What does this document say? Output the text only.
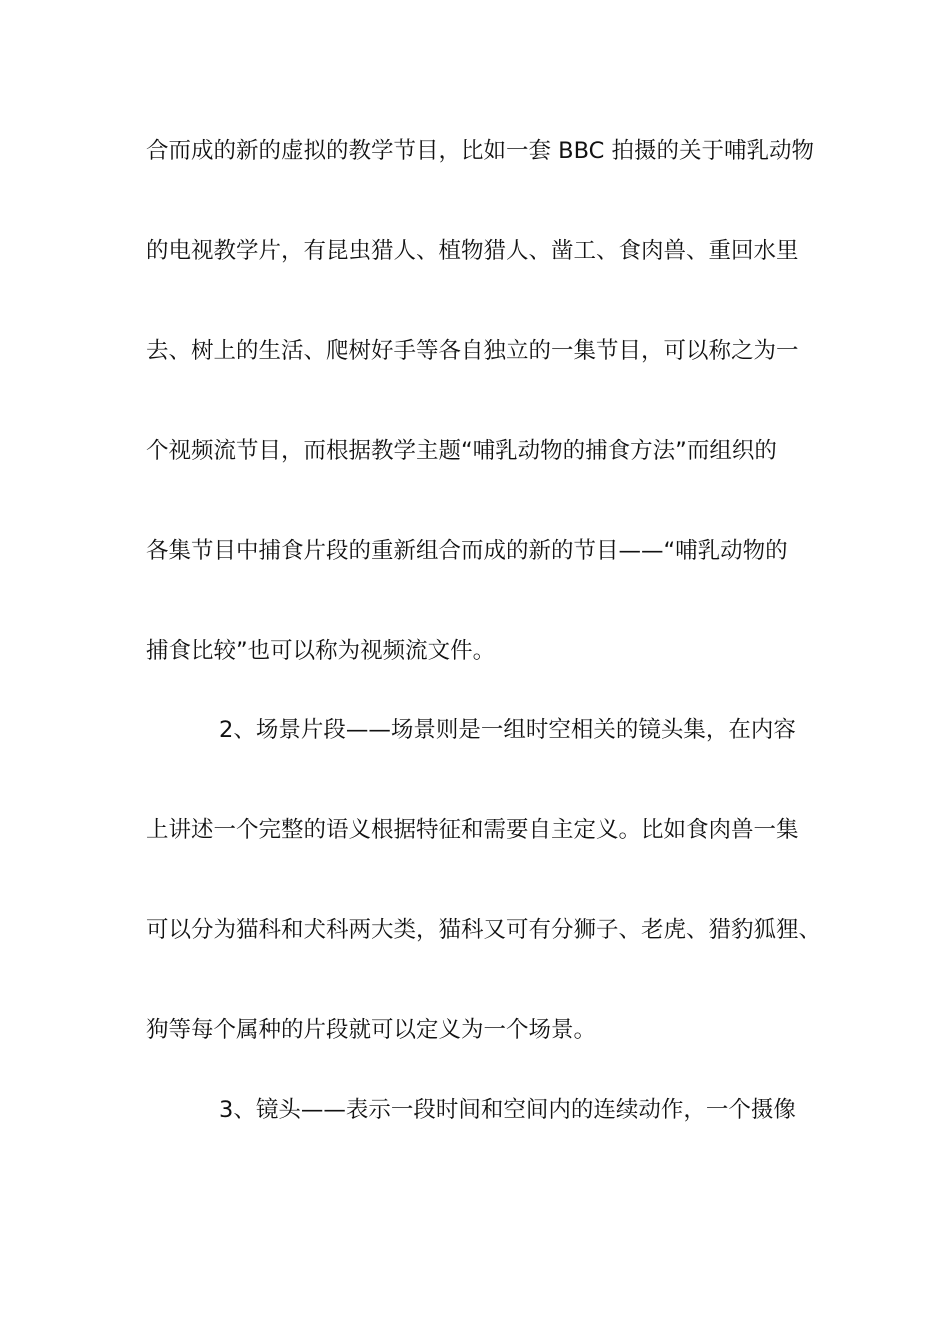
合而成的新的虚拟的教学节目，比如一套 BBC 拍摄的关于哺乳动物
的电视教学片，有昆虫猎人、植物猎人、凿工、食肉兽、重回水里
去、树上的生活、爬树好手等各自独立的一集节目，可以称之为一
个视频流节目，而根据教学主题“哺乳动物的捕食方法”而组织的
各集节目中捕食片段的重新组合而成的新的节目——“哺乳动物的
捕食比较”也可以称为视频流文件。
2、场景片段——场景则是一组时空相关的镜头集，在内容
上讲述一个完整的语义根据特征和需要自主定义。比如食肉兽一集
可以分为猫科和犬科两大类，猫科又可有分狮子、老虎、猎豹狐狸、
狗等每个属种的片段就可以定义为一个场景。
3、镜头——表示一段时间和空间内的连续动作，一个摄像
